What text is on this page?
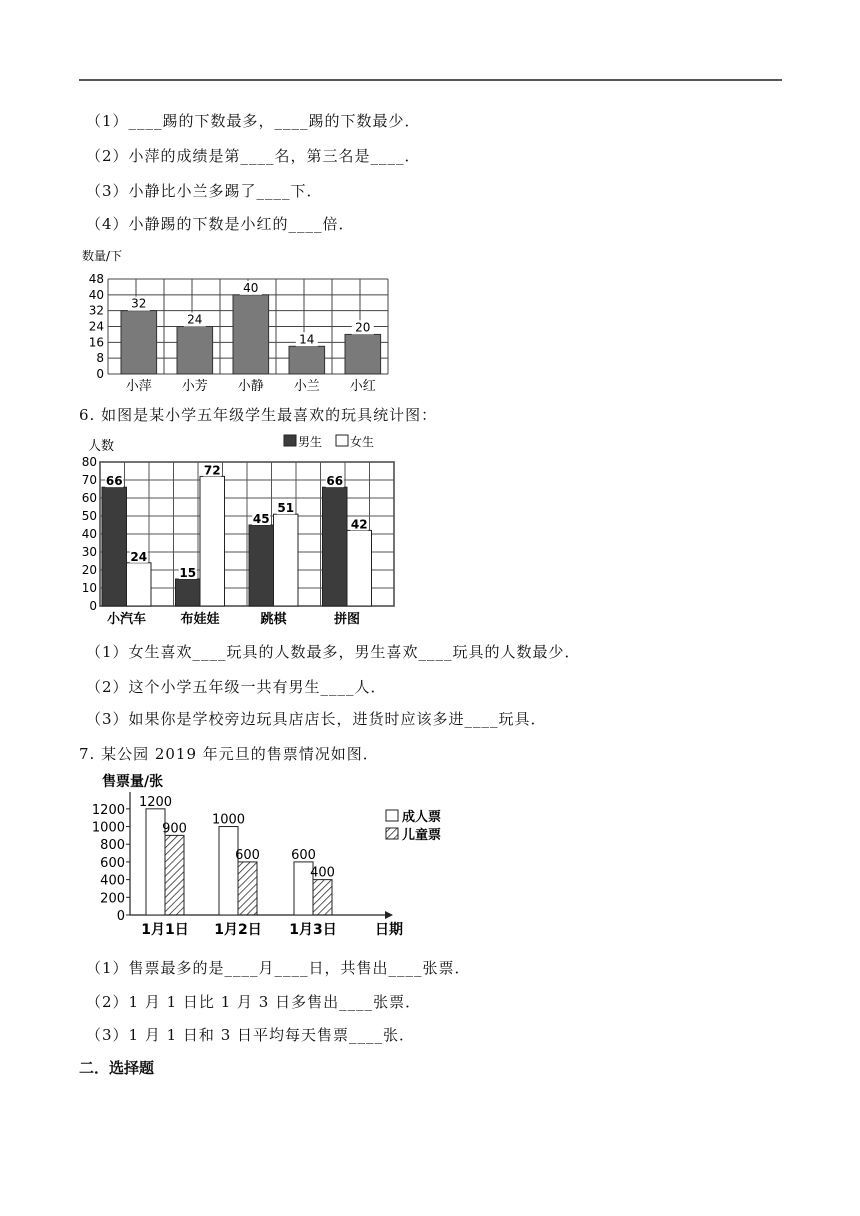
（1）____踢的下数最多，____踢的下数最少．
（2）小萍的成绩是第____名，第三名是____．
（3）小静比小兰多踢了____下．
（4）小静踢的下数是小红的____倍．
0
8
16
24
32
40
48
数量/下
32
小萍
24
小芳
40
小静
14
小兰
20
小红
6. 如图是某小学五年级学生最喜欢的玩具统计图：
0
10
20
30
40
50
60
70
80
人数	男生 女生
66
24
小汽车
15
72
布娃娃
45
51
跳棋
66
42
拼图
（1）女生喜欢____玩具的人数最多，男生喜欢____玩具的人数最少．
（2）这个小学五年级一共有男生____人．
（3）如果你是学校旁边玩具店店长，进货时应该多进____玩具．
7. 某公园 2019 年元旦的售票情况如图．
售票量/张
0
200
400
600
800
1000
1200
1200
900
1月1日
1000
600
1月2日
600
400
1月3日	日期
成人票
儿童票
（1）售票最多的是____月____日，共售出____张票．
（2）1 月 1 日比 1 月 3 日多售出____张票．
（3）1 月 1 日和 3 日平均每天售票____张．
二．选择题
